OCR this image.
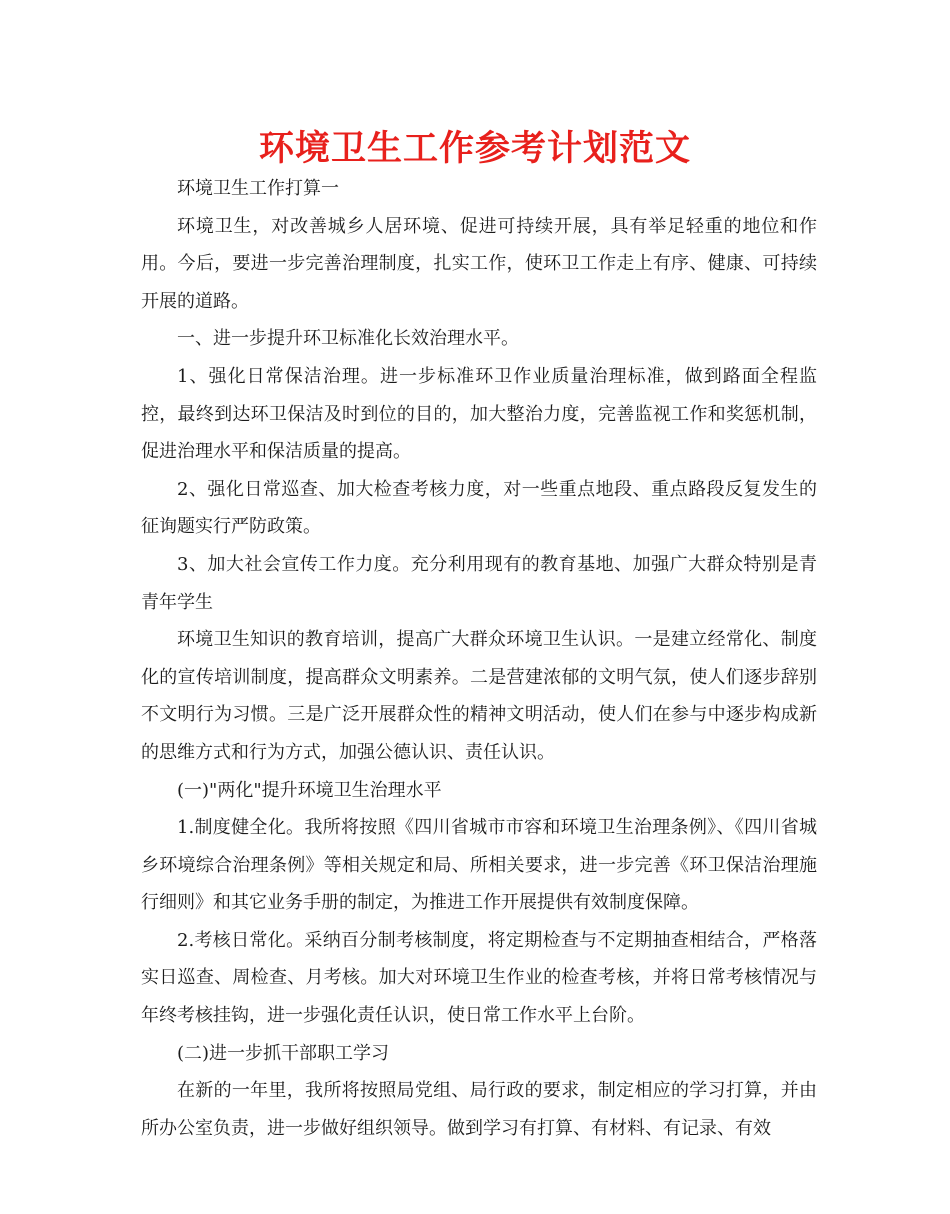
环境卫生工作参考计划范文

环境卫生工作打算一

环境卫生，对改善城乡人居环境、促进可持续开展，具有举足轻重的地位和作用。今后，要进一步完善治理制度，扎实工作，使环卫工作走上有序、健康、可持续开展的道路。

一、进一步提升环卫标准化长效治理水平。

1、强化日常保洁治理。进一步标准环卫作业质量治理标准，做到路面全程监控，最终到达环卫保洁及时到位的目的，加大整治力度，完善监视工作和奖惩机制，促进治理水平和保洁质量的提高。

2、强化日常巡查、加大检查考核力度，对一些重点地段、重点路段反复发生的征询题实行严防政策。

3、加大社会宣传工作力度。充分利用现有的教育基地、加强广大群众特别是青青年学生

环境卫生知识的教育培训，提高广大群众环境卫生认识。一是建立经常化、制度化的宣传培训制度，提高群众文明素养。二是营建浓郁的文明气氛，使人们逐步辞别不文明行为习惯。三是广泛开展群众性的精神文明活动，使人们在参与中逐步构成新的思维方式和行为方式，加强公德认识、责任认识。

(一)"两化"提升环境卫生治理水平

1.制度健全化。我所将按照《四川省城市市容和环境卫生治理条例》、《四川省城乡环境综合治理条例》等相关规定和局、所相关要求，进一步完善《环卫保洁治理施行细则》和其它业务手册的制定，为推进工作开展提供有效制度保障。

2.考核日常化。采纳百分制考核制度，将定期检查与不定期抽查相结合，严格落实日巡查、周检查、月考核。加大对环境卫生作业的检查考核，并将日常考核情况与年终考核挂钩，进一步强化责任认识，使日常工作水平上台阶。

(二)进一步抓干部职工学习

在新的一年里，我所将按照局党组、局行政的要求，制定相应的学习打算，并由所办公室负责，进一步做好组织领导。做到学习有打算、有材料、有记录、有效
